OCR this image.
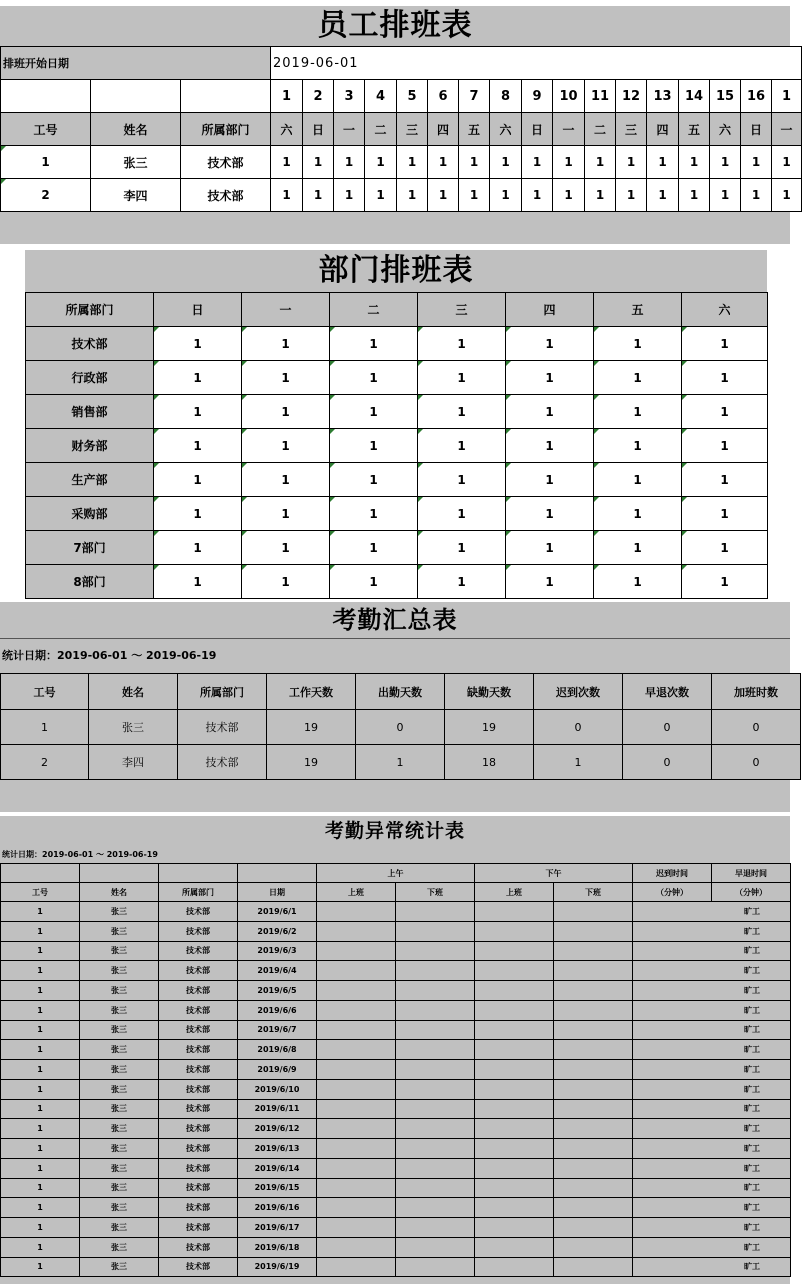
员工排班表
排班开始日期			2019-06-01																
			1	2	3	4	5	6	7	8	9	10	11	12	13	14	15	16	1
工号	姓名	所属部门	六	日	一	二	三	四	五	六	日	一	二	三	四	五	六	日	一
1	张三	技术部	1	1	1	1	1	1	1	1	1	1	1	1	1	1	1	1	1
2	李四	技术部	1	1	1	1	1	1	1	1	1	1	1	1	1	1	1	1	1
部门排班表
所属部门	日	一	二	三	四	五	六
技术部	1	1	1	1	1	1	1
行政部	1	1	1	1	1	1	1
销售部	1	1	1	1	1	1	1
财务部	1	1	1	1	1	1	1
生产部	1	1	1	1	1	1	1
采购部	1	1	1	1	1	1	1
7部门	1	1	1	1	1	1	1
8部门	1	1	1	1	1	1	1
考勤汇总表
统计日期：2019-06-01 ～ 2019-06-19
工号	姓名	所属部门	工作天数	出勤天数	缺勤天数	迟到次数	早退次数	加班时数
1	张三	技术部	19	0	19	0	0	0
2	李四	技术部	19	1	18	1	0	0
考勤异常统计表
统计日期：2019-06-01 ～ 2019-06-19
				上午		下午		迟到时间	早退时间
工号	姓名	所属部门	日期	上班	下班	上班	下班	（分钟）	（分钟）
1	张三	技术部	2019/6/1					旷工	
1	张三	技术部	2019/6/2					旷工	
1	张三	技术部	2019/6/3					旷工	
1	张三	技术部	2019/6/4					旷工	
1	张三	技术部	2019/6/5					旷工	
1	张三	技术部	2019/6/6					旷工	
1	张三	技术部	2019/6/7					旷工	
1	张三	技术部	2019/6/8					旷工	
1	张三	技术部	2019/6/9					旷工	
1	张三	技术部	2019/6/10					旷工	
1	张三	技术部	2019/6/11					旷工	
1	张三	技术部	2019/6/12					旷工	
1	张三	技术部	2019/6/13					旷工	
1	张三	技术部	2019/6/14					旷工	
1	张三	技术部	2019/6/15					旷工	
1	张三	技术部	2019/6/16					旷工	
1	张三	技术部	2019/6/17					旷工	
1	张三	技术部	2019/6/18					旷工	
1	张三	技术部	2019/6/19					旷工	
